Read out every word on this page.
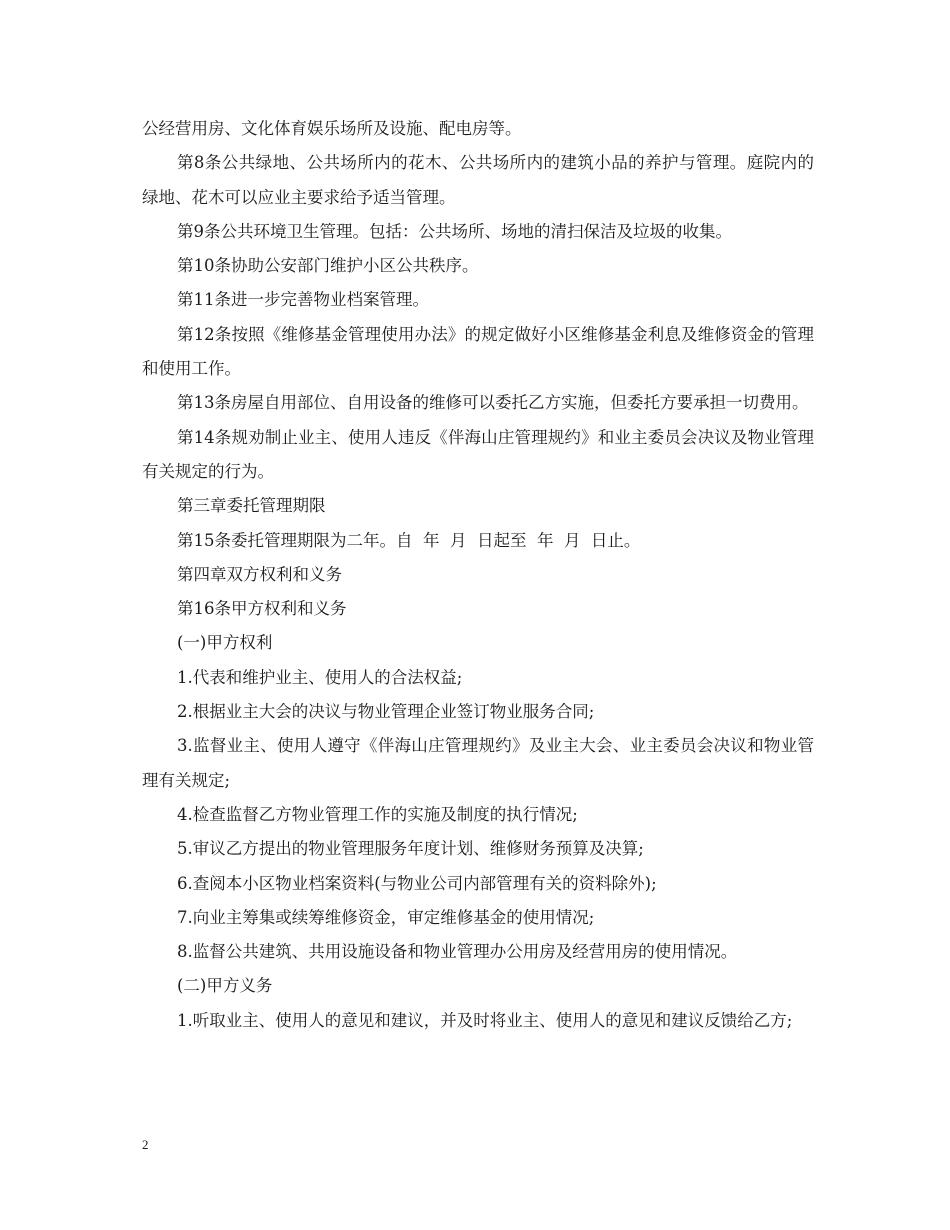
公经营用房、文化体育娱乐场所及设施、配电房等。

第8条公共绿地、公共场所内的花木、公共场所内的建筑小品的养护与管理。庭院内的绿地、花木可以应业主要求给予适当管理。

第9条公共环境卫生管理。包括：公共场所、场地的清扫保洁及垃圾的收集。

第10条协助公安部门维护小区公共秩序。

第11条进一步完善物业档案管理。

第12条按照《维修基金管理使用办法》的规定做好小区维修基金利息及维修资金的管理和使用工作。

第13条房屋自用部位、自用设备的维修可以委托乙方实施，但委托方要承担一切费用。

第14条规劝制止业主、使用人违反《伴海山庄管理规约》和业主委员会决议及物业管理有关规定的行为。

第三章委托管理期限

第15条委托管理期限为二年。自  年  月  日起至  年  月  日止。

第四章双方权利和义务

第16条甲方权利和义务

(一)甲方权利

1.代表和维护业主、使用人的合法权益;

2.根据业主大会的决议与物业管理企业签订物业服务合同;

3.监督业主、使用人遵守《伴海山庄管理规约》及业主大会、业主委员会决议和物业管理有关规定;

4.检查监督乙方物业管理工作的实施及制度的执行情况;

5.审议乙方提出的物业管理服务年度计划、维修财务预算及决算;

6.查阅本小区物业档案资料(与物业公司内部管理有关的资料除外);

7.向业主筹集或续筹维修资金，审定维修基金的使用情况;

8.监督公共建筑、共用设施设备和物业管理办公用房及经营用房的使用情况。

(二)甲方义务

1.听取业主、使用人的意见和建议，并及时将业主、使用人的意见和建议反馈给乙方;

2
